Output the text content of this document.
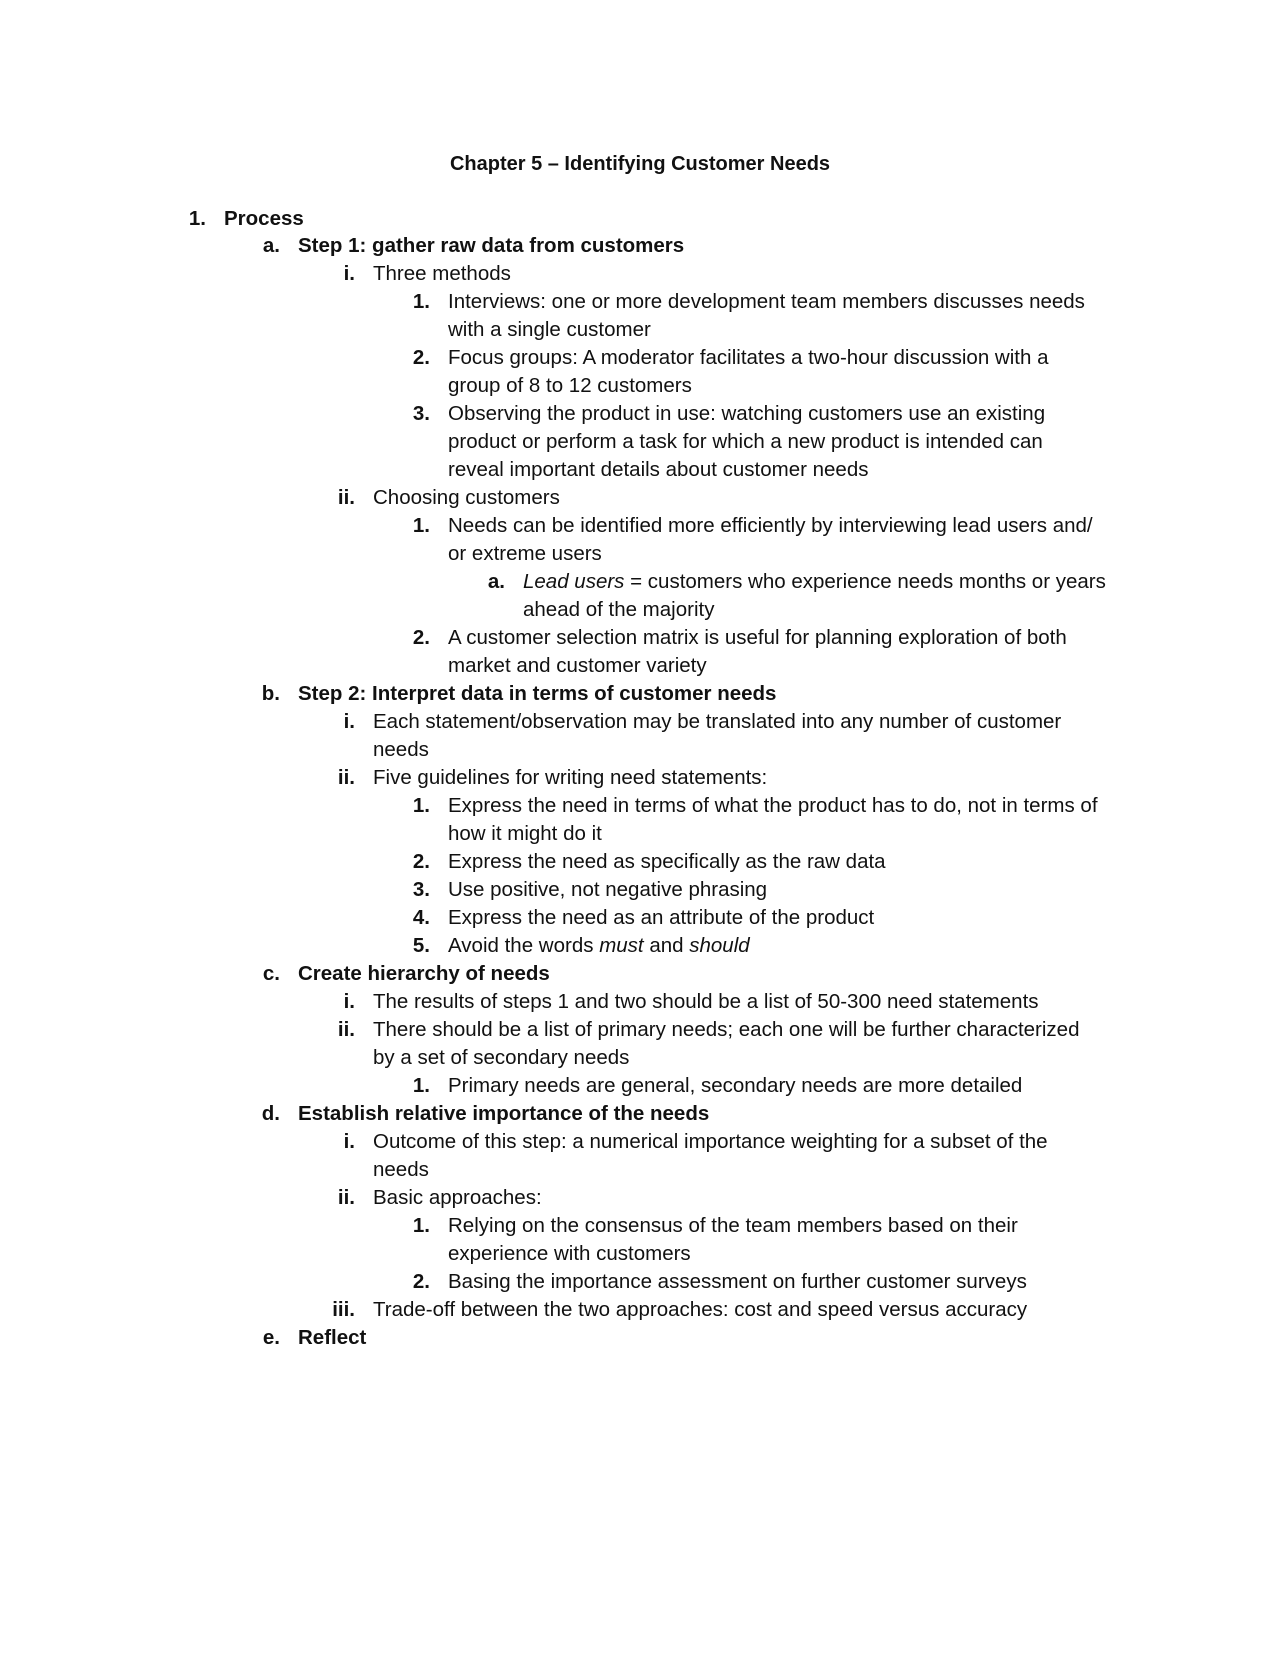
Chapter 5 – Identifying Customer Needs
1. Process
a. Step 1: gather raw data from customers
i. Three methods
1. Interviews: one or more development team members discusses needs
with a single customer
2. Focus groups: A moderator facilitates a two-hour discussion with a
group of 8 to 12 customers
3. Observing the product in use: watching customers use an existing
product or perform a task for which a new product is intended can
reveal important details about customer needs
ii. Choosing customers
1. Needs can be identified more efficiently by interviewing lead users and/
or extreme users
a. Lead users = customers who experience needs months or years
ahead of the majority
2. A customer selection matrix is useful for planning exploration of both
market and customer variety
b. Step 2: Interpret data in terms of customer needs
i. Each statement/observation may be translated into any number of customer
needs
ii. Five guidelines for writing need statements:
1. Express the need in terms of what the product has to do, not in terms of
how it might do it
2. Express the need as specifically as the raw data
3. Use positive, not negative phrasing
4. Express the need as an attribute of the product
5. Avoid the words must and should
c. Create hierarchy of needs
i. The results of steps 1 and two should be a list of 50-300 need statements
ii. There should be a list of primary needs; each one will be further characterized
by a set of secondary needs
1. Primary needs are general, secondary needs are more detailed
d. Establish relative importance of the needs
i. Outcome of this step: a numerical importance weighting for a subset of the
needs
ii. Basic approaches:
1. Relying on the consensus of the team members based on their
experience with customers
2. Basing the importance assessment on further customer surveys
iii. Trade-off between the two approaches: cost and speed versus accuracy
e. Reflect
